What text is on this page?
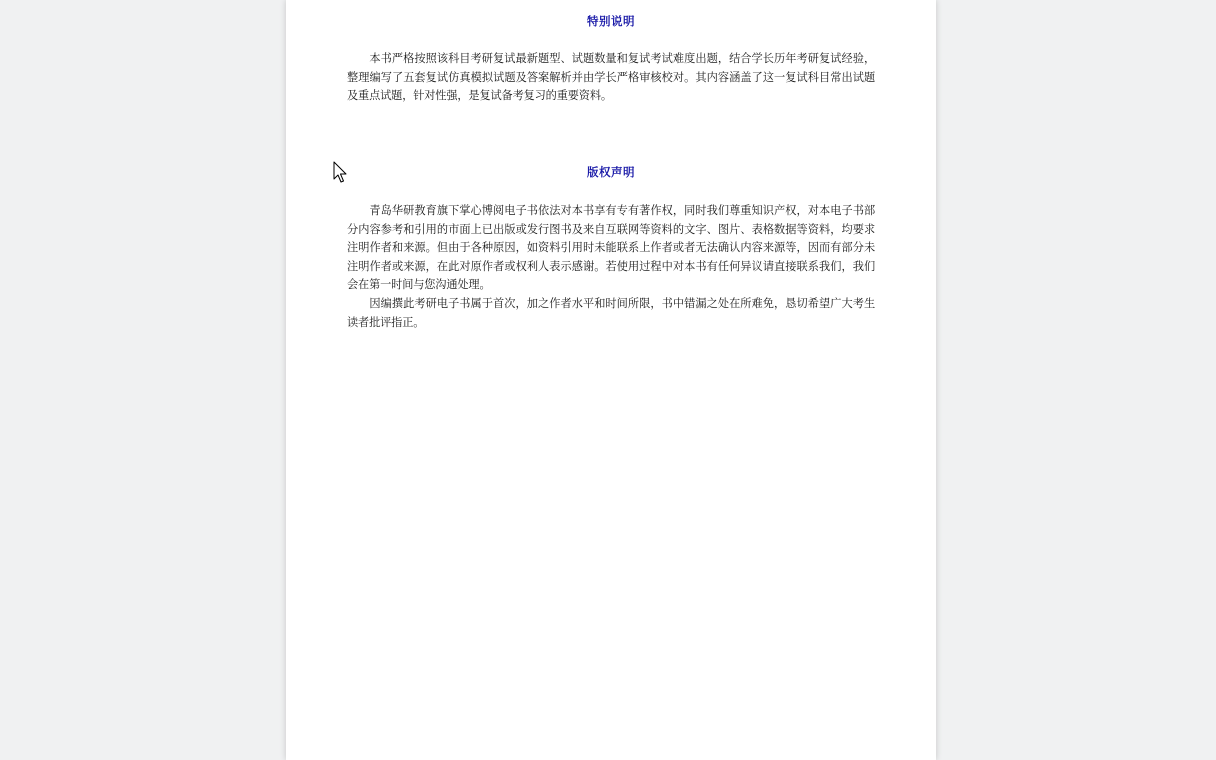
特别说明

本书严格按照该科目考研复试最新题型、试题数量和复试考试难度出题，结合学长历年考研复试经验，整理编写了五套复试仿真模拟试题及答案解析并由学长严格审核校对。其内容涵盖了这一复试科目常出试题及重点试题，针对性强，是复试备考复习的重要资料。

版权声明

青岛华研教育旗下掌心博阅电子书依法对本书享有专有著作权，同时我们尊重知识产权，对本电子书部分内容参考和引用的市面上已出版或发行图书及来自互联网等资料的文字、图片、表格数据等资料，均要求注明作者和来源。但由于各种原因，如资料引用时未能联系上作者或者无法确认内容来源等，因而有部分未注明作者或来源，在此对原作者或权利人表示感谢。若使用过程中对本书有任何异议请直接联系我们，我们会在第一时间与您沟通处理。

因编撰此考研电子书属于首次，加之作者水平和时间所限，书中错漏之处在所难免，恳切希望广大考生读者批评指正。
